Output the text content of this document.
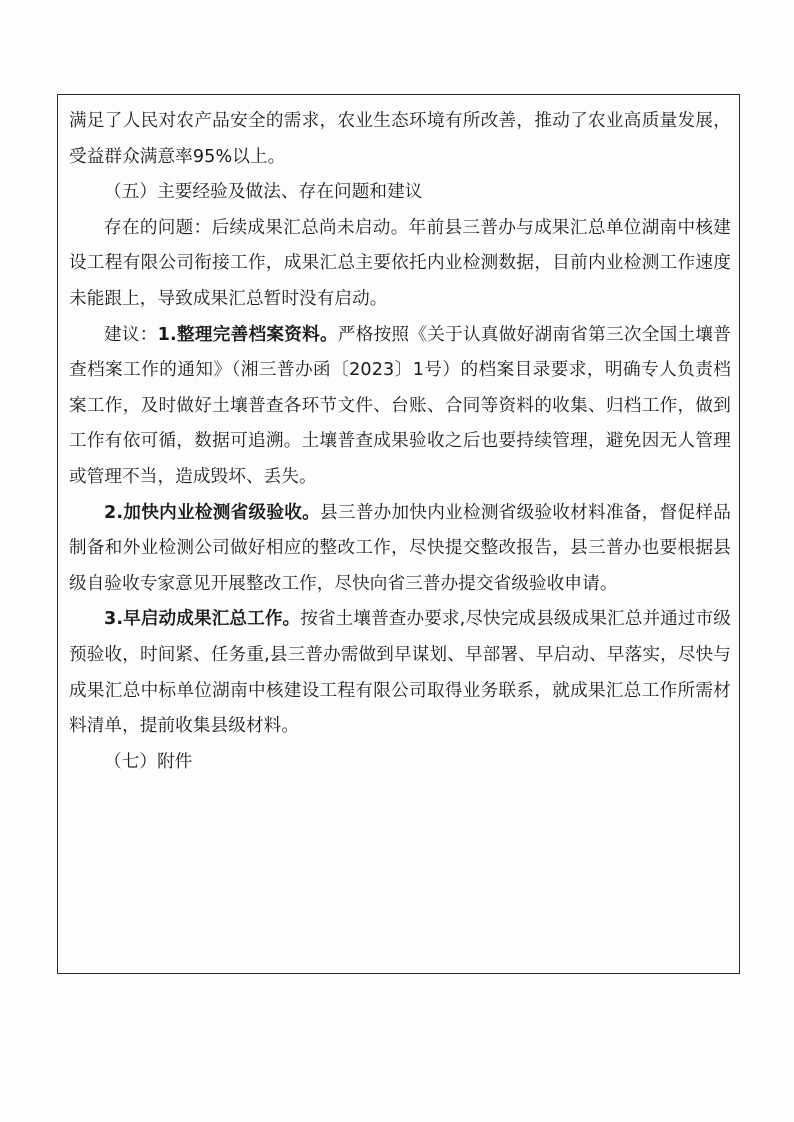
满足了人民对农产品安全的需求，农业生态环境有所改善，推动了农业高质量发展，受益群众满意率95%以上。

（五）主要经验及做法、存在问题和建议

存在的问题：后续成果汇总尚未启动。年前县三普办与成果汇总单位湖南中核建设工程有限公司衔接工作，成果汇总主要依托内业检测数据，目前内业检测工作速度未能跟上，导致成果汇总暂时没有启动。

建议：1.整理完善档案资料。严格按照《关于认真做好湖南省第三次全国土壤普查档案工作的通知》（湘三普办函〔2023〕1号）的档案目录要求，明确专人负责档案工作，及时做好土壤普查各环节文件、台账、合同等资料的收集、归档工作，做到工作有依可循，数据可追溯。土壤普查成果验收之后也要持续管理，避免因无人管理或管理不当，造成毁坏、丢失。

2.加快内业检测省级验收。县三普办加快内业检测省级验收材料准备，督促样品制备和外业检测公司做好相应的整改工作，尽快提交整改报告，县三普办也要根据县级自验收专家意见开展整改工作，尽快向省三普办提交省级验收申请。

3.早启动成果汇总工作。按省土壤普查办要求,尽快完成县级成果汇总并通过市级预验收，时间紧、任务重,县三普办需做到早谋划、早部署、早启动、早落实，尽快与成果汇总中标单位湖南中核建设工程有限公司取得业务联系，就成果汇总工作所需材料清单，提前收集县级材料。

（七）附件
